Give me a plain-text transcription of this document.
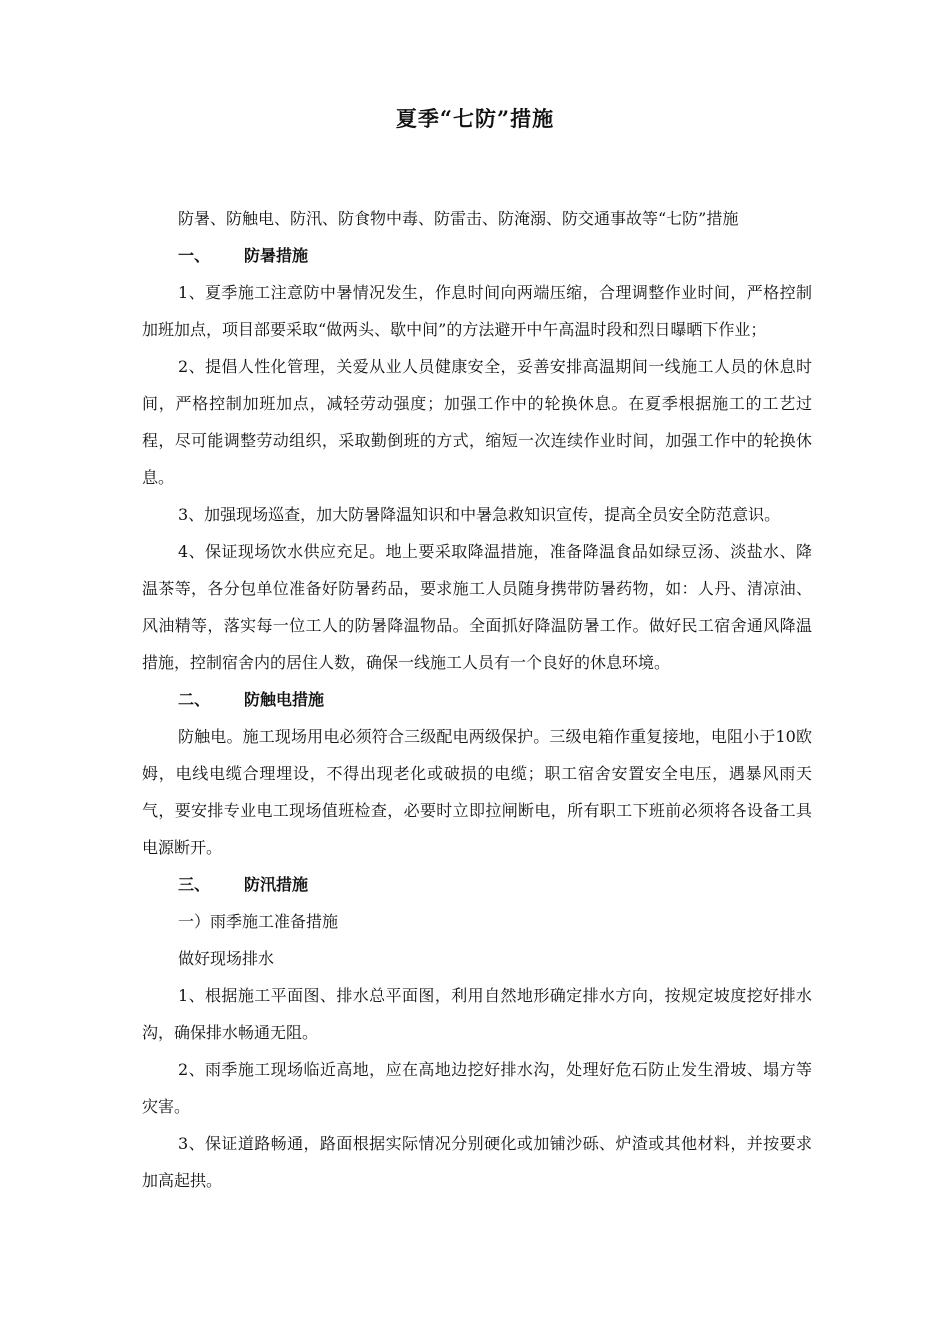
夏季“七防”措施

防暑、防触电、防汛、防食物中毒、防雷击、防淹溺、防交通事故等“七防”措施

一、 防暑措施

1、夏季施工注意防中暑情况发生，作息时间向两端压缩，合理调整作业时间，严格控制加班加点，项目部要采取“做两头、歇中间”的方法避开中午高温时段和烈日曝晒下作业；

2、提倡人性化管理，关爱从业人员健康安全，妥善安排高温期间一线施工人员的休息时间，严格控制加班加点，减轻劳动强度；加强工作中的轮换休息。在夏季根据施工的工艺过程，尽可能调整劳动组织，采取勤倒班的方式，缩短一次连续作业时间，加强工作中的轮换休息。

3、加强现场巡查，加大防暑降温知识和中暑急救知识宣传，提高全员安全防范意识。

4、保证现场饮水供应充足。地上要采取降温措施，准备降温食品如绿豆汤、淡盐水、降温茶等，各分包单位准备好防暑药品，要求施工人员随身携带防暑药物，如：人丹、清凉油、风油精等，落实每一位工人的防暑降温物品。全面抓好降温防暑工作。做好民工宿舍通风降温措施，控制宿舍内的居住人数，确保一线施工人员有一个良好的休息环境。

二、 防触电措施

防触电。施工现场用电必须符合三级配电两级保护。三级电箱作重复接地，电阻小于10欧姆，电线电缆合理埋设，不得出现老化或破损的电缆；职工宿舍安置安全电压，遇暴风雨天气，要安排专业电工现场值班检查，必要时立即拉闸断电，所有职工下班前必须将各设备工具电源断开。

三、 防汛措施

一）雨季施工准备措施

做好现场排水

1、根据施工平面图、排水总平面图，利用自然地形确定排水方向，按规定坡度挖好排水沟，确保排水畅通无阻。

2、雨季施工现场临近高地，应在高地边挖好排水沟，处理好危石防止发生滑坡、塌方等灾害。

3、保证道路畅通，路面根据实际情况分别硬化或加铺沙砾、炉渣或其他材料，并按要求加高起拱。
